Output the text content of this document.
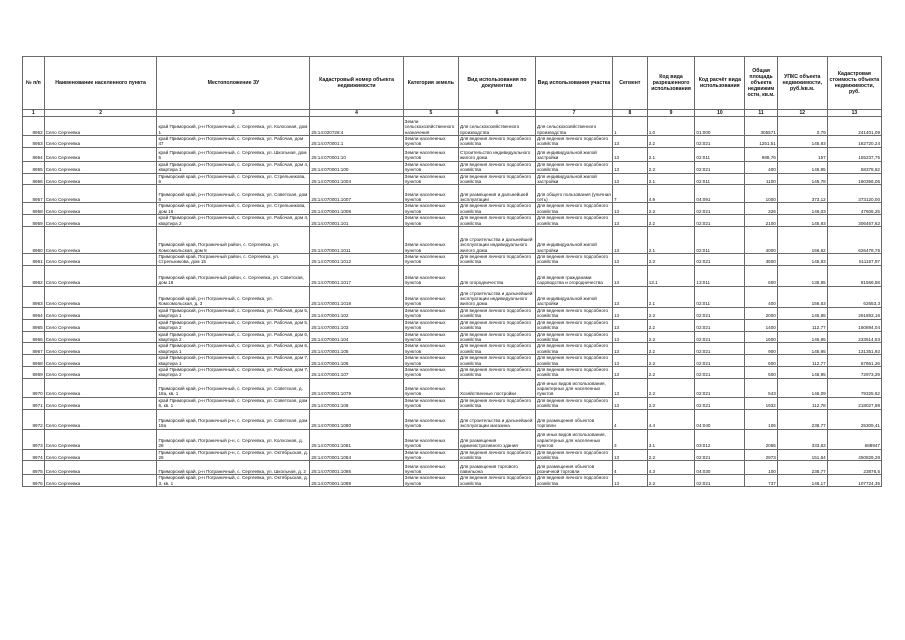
№ п/п	Наименование населенного пункта	Местоположение ЗУ	Кадастровый номер объекта недвижимости	Категория земель	Вид использования по документам	Вид использования участка	Сегмент	Код вида разрешенного использования	Код расчёт вида использования	Общая площадь объекта недвижим ости, кв.м.	УПКС объекта недвижимости, руб./кв.м.	Кадастровая стоимость объекта недвижимости, руб.
1	2	3	4	5	6	7	8	9	10	11	12	13
8952	Село Сергеевка	край Приморский, р-н Пограничный, с. Сергеевка, ул. Колхозная, дом 1	25:14:020728:4	Земли сельскохозяйственного назначения	Для сельскохозяйственного производства	Для сельскохозяйственного производства	1	1.0	01:000	305571	0,79	241401,09
8953	Село Сергеевка	край Приморский, р-н Пограничный, с. Сергеевка, ул. Рабочая, дом 47	25:14:070001:1	Земли населенных пунктов	Для ведения личного подсобного хозяйства	Для ведения личного подсобного хозяйства	13	2.2	02:021	1251,51	145,93	182720,24
8954	Село Сергеевка	край Приморский, р-н Пограничный, с. Сергеевка, ул. Школьная, дом 5	25:14:070001:10	Земли населенных пунктов	Строительство индивидуального жилого дома	Для индивидуальной жилой застройки	13	2.1	02:011	988,76	157	155237,75
8955	Село Сергеевка	край Приморский, р-н Пограничный, с. Сергеевка, ул. Рабочая, дом 4, квартира 1	25:14:070001:100	Земли населенных пунктов	Для ведения личного подсобного хозяйства	Для ведения личного подсобного хозяйства	13	2.2	02:021	400	145,95	58378,62
8956	Село Сергеевка	Приморский край, р-н Пограничный, с. Сергеевка, ул. Стрельникова, 6	25:14:070001:1004	Земли населенных пунктов	Для ведения личного подсобного хозяйства	Для индивидуальной жилой застройки	13	2.1	02:011	1100	145,78	160356,05
8957	Село Сергеевка	Приморский край, р-н Пограничный, с. Сергеевка, ул. Советская, дом 6	25:14:070001:1007	Земли населенных пунктов	Для размещения и дальнейшей эксплуатации	Для общего пользования (уличная сеть)	7	4.9	04:091	1000	373,12	373120,00
8958	Село Сергеевка	Приморский край, р-н Пограничный, с. Сергеевка, ул. Стрельникова, дом 16	25:14:070001:1008	Земли населенных пунктов	Для ведения личного подсобного хозяйства	Для ведения личного подсобного хозяйства	13	2.2	02:021	326	146,03	47606,25
8959	Село Сергеевка	край Приморский, р-н Пограничный, с. Сергеевка, ул. Рабочая, дом 4, квартира 2	25:14:070001:101	Земли населенных пунктов	Для ведения личного подсобного хозяйства	Для ведения личного подсобного хозяйства	13	2.2	02:021	2100	145,93	306467,62
8960	Село Сергеевка	Приморский край, Пограничный район, с. Сергеевка, ул. Комсомольская, дом 8	25:14:070001:1011	Земли населенных пунктов	Для строительства и дальнейшей эксплуатации индивидуального жилого дома	Для индивидуальной жилой застройки	13	2.1	02:011	4000	156,62	626478,76
8961	Село Сергеевка	Приморский край, Пограничный район, с. Сергеевка, ул. Стрельникова, дом 15	25:14:070001:1012	Земли населенных пунктов	Для ведения личного подсобного хозяйства	Для ведения личного подсобного хозяйства	13	2.2	02:021	3500	145,93	511167,97
8962	Село Сергеевка	Приморский край, Пограничный район, с. Сергеевка, ул. Советская, дом 18	25:14:070001:1017	Земли населенных пунктов	Для огородничества	Для ведения гражданами садоводства и огородничества	13	13.1	13:011	600	135,95	81566,58
8963	Село Сергеевка	Приморский край, р-н Пограничный, с. Сергеевка, ул. Комсомольская, д. 3	25:14:070001:1018	Земли населенных пунктов	Для строительства и дальнейшей эксплуатации индивидуального жилого дома	Для индивидуальной жилой застройки	13	2.1	02:011	400	156,63	62653,3
8964	Село Сергеевка	край Приморский, р-н Пограничный, с. Сергеевка, ул. Рабочая, дом 5, квартира 1	25:14:070001:102	Земли населенных пунктов	Для ведения личного подсобного хозяйства	Для ведения личного подсобного хозяйства	13	2.2	02:021	2000	145,95	291893,16
8965	Село Сергеевка	край Приморский, р-н Пограничный, с. Сергеевка, ул. Рабочая, дом 5, квартира 2	25:14:070001:103	Земли населенных пунктов	Для ведения личного подсобного хозяйства	Для ведения личного подсобного хозяйства	13	2.2	02:021	1400	112,77	160894,04
8966	Село Сергеевка	край Приморский, р-н Пограничный, с. Сергеевка, ул. Рабочая, дом 6, квартира 2	25:14:070001:104	Земли населенных пунктов	Для ведения личного подсобного хозяйства	Для ведения личного подсобного хозяйства	13	2.2	02:021	1600	145,95	233514,53
8967	Село Сергеевка	край Приморский, р-н Пограничный, с. Сергеевка, ул. Рабочая, дом 6, квартира 1	25:14:070001:105	Земли населенных пунктов	Для ведения личного подсобного хозяйства	Для ведения личного подсобного хозяйства	13	2.2	02:021	900	145,95	131351,92
8968	Село Сергеевка	край Приморский, р-н Пограничный, с. Сергеевка, ул. Рабочая, дом 7, квартира 1	25:14:070001:106	Земли населенных пунктов	Для ведения личного подсобного хозяйства	Для ведения личного подсобного хозяйства	13	2.2	02:021	600	112,77	67661,26
8969	Село Сергеевка	край Приморский, р-н Пограничный, с. Сергеевка, ул. Рабочая, дом 7, квартира 2	25:14:070001:107	Земли населенных пунктов	Для ведения личного подсобного хозяйства	Для ведения личного подсобного хозяйства	13	2.2	02:021	500	145,95	72973,29
8970	Село Сергеевка	Приморский край, р-н Пограничный, с. Сергеевка, ул. Советская, д. 18а, кв. 1	25:14:070001:1079	Земли населенных пунктов	Хозяйственные постройки	Для иных видов использования, характерных для населенных пунктов	13	2.2	02:021	543	146,09	79325,62
8971	Село Сергеевка	край Приморский, р-н Пограничный, с. Сергеевка, ул. Советская, дом 6, кв. 1	25:14:070001:108	Земли населенных пунктов	Для ведения личного подсобного хозяйства	Для ведения личного подсобного хозяйства	13	2.2	02:021	1932	112,78	218027,98
8972	Село Сергеевка	Приморский край, Пограничный р-н, с. Сергеевка, ул. Советская, дом 18а	25:14:070001:1080	Земли населенных пунктов	Для строительства и дальнейшей эксплуатации магазина	Для размещения объектов торговли	4	4.4	04:040	106	238,77	25309,41
8973	Село Сергеевка	Приморский край, Пограничный р-н, с. Сергеевка, ул. Колхозная, д. 28	25:14:070001:1081	Земли населенных пунктов	Для размещения административного здания	Для иных видов использования, характерных для населенных пунктов	3	3.1	03:012	2065	333,63	688947
8974	Село Сергеевка	Приморский край, Пограничный р-н, с. Сергеевка, ул. Октябрьская, д. 26	25:14:070001:1084	Земли населенных пунктов	Для ведения личного подсобного хозяйства	Для ведения личного подсобного хозяйства	13	2.2	02:021	2973	151,64	450829,28
8975	Село Сергеевка	Приморский край, р-н Пограничный, с. Сергеевка, ул. Школьная, д. 2	25:14:070001:1085	Земли населенных пунктов	Для размещения торгового павильона	Для размещения объектов розничной торговли	4	4.3	04:030	100	238,77	23876,5
8976	Село Сергеевка	Приморский край, р-н Пограничный, с. Сергеевка, ул. Октябрьская, д. 3, кв. 1	25:14:070001:1089	Земли населенных пунктов	Для ведения личного подсобного хозяйства	Для ведения личного подсобного хозяйства	13	2.2	02:021	737	146,17	107724,35
